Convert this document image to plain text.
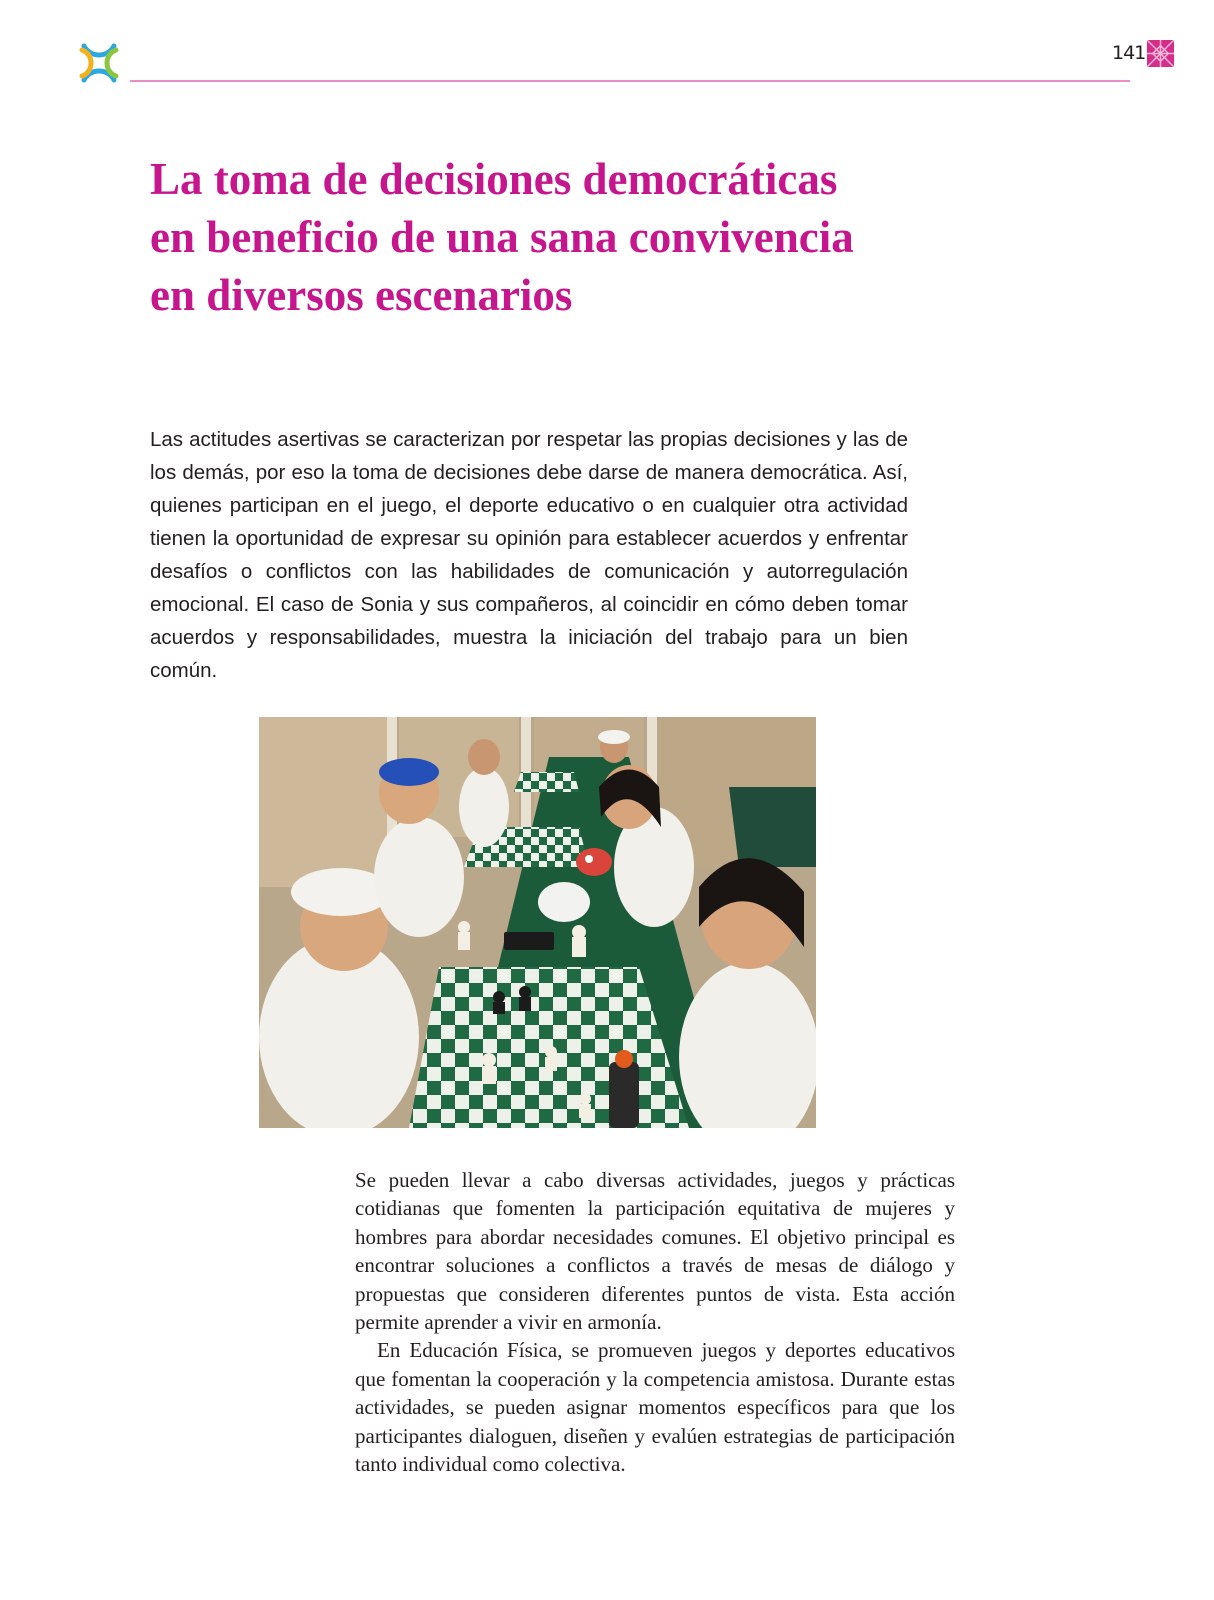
141
La toma de decisiones democráticas en beneficio de una sana convivencia en diversos escenarios

Las actitudes asertivas se caracterizan por respetar las propias decisiones y las de los demás, por eso la toma de decisiones debe darse de manera democrática. Así, quienes participan en el juego, el deporte educativo o en cualquier otra actividad tienen la oportunidad de expresar su opinión para establecer acuerdos y enfrentar desafíos o conflictos con las habilidades de comunicación y autorregulación emocional. El caso de Sonia y sus compañeros, al coincidir en cómo deben tomar acuerdos y responsabilidades, muestra la iniciación del trabajo para un bien común.

Se pueden llevar a cabo diversas actividades, juegos y prácticas cotidianas que fomenten la participación equitativa de mujeres y hombres para abordar necesidades comunes. El objetivo principal es encontrar soluciones a conflictos a través de mesas de diálogo y propuestas que consideren diferentes puntos de vista. Esta acción permite aprender a vivir en armonía.

En Educación Física, se promueven juegos y deportes educativos que fomentan la cooperación y la competencia amistosa. Durante estas actividades, se pueden asignar momentos específicos para que los participantes dialoguen, diseñen y evalúen estrategias de participación tanto individual como colectiva.
